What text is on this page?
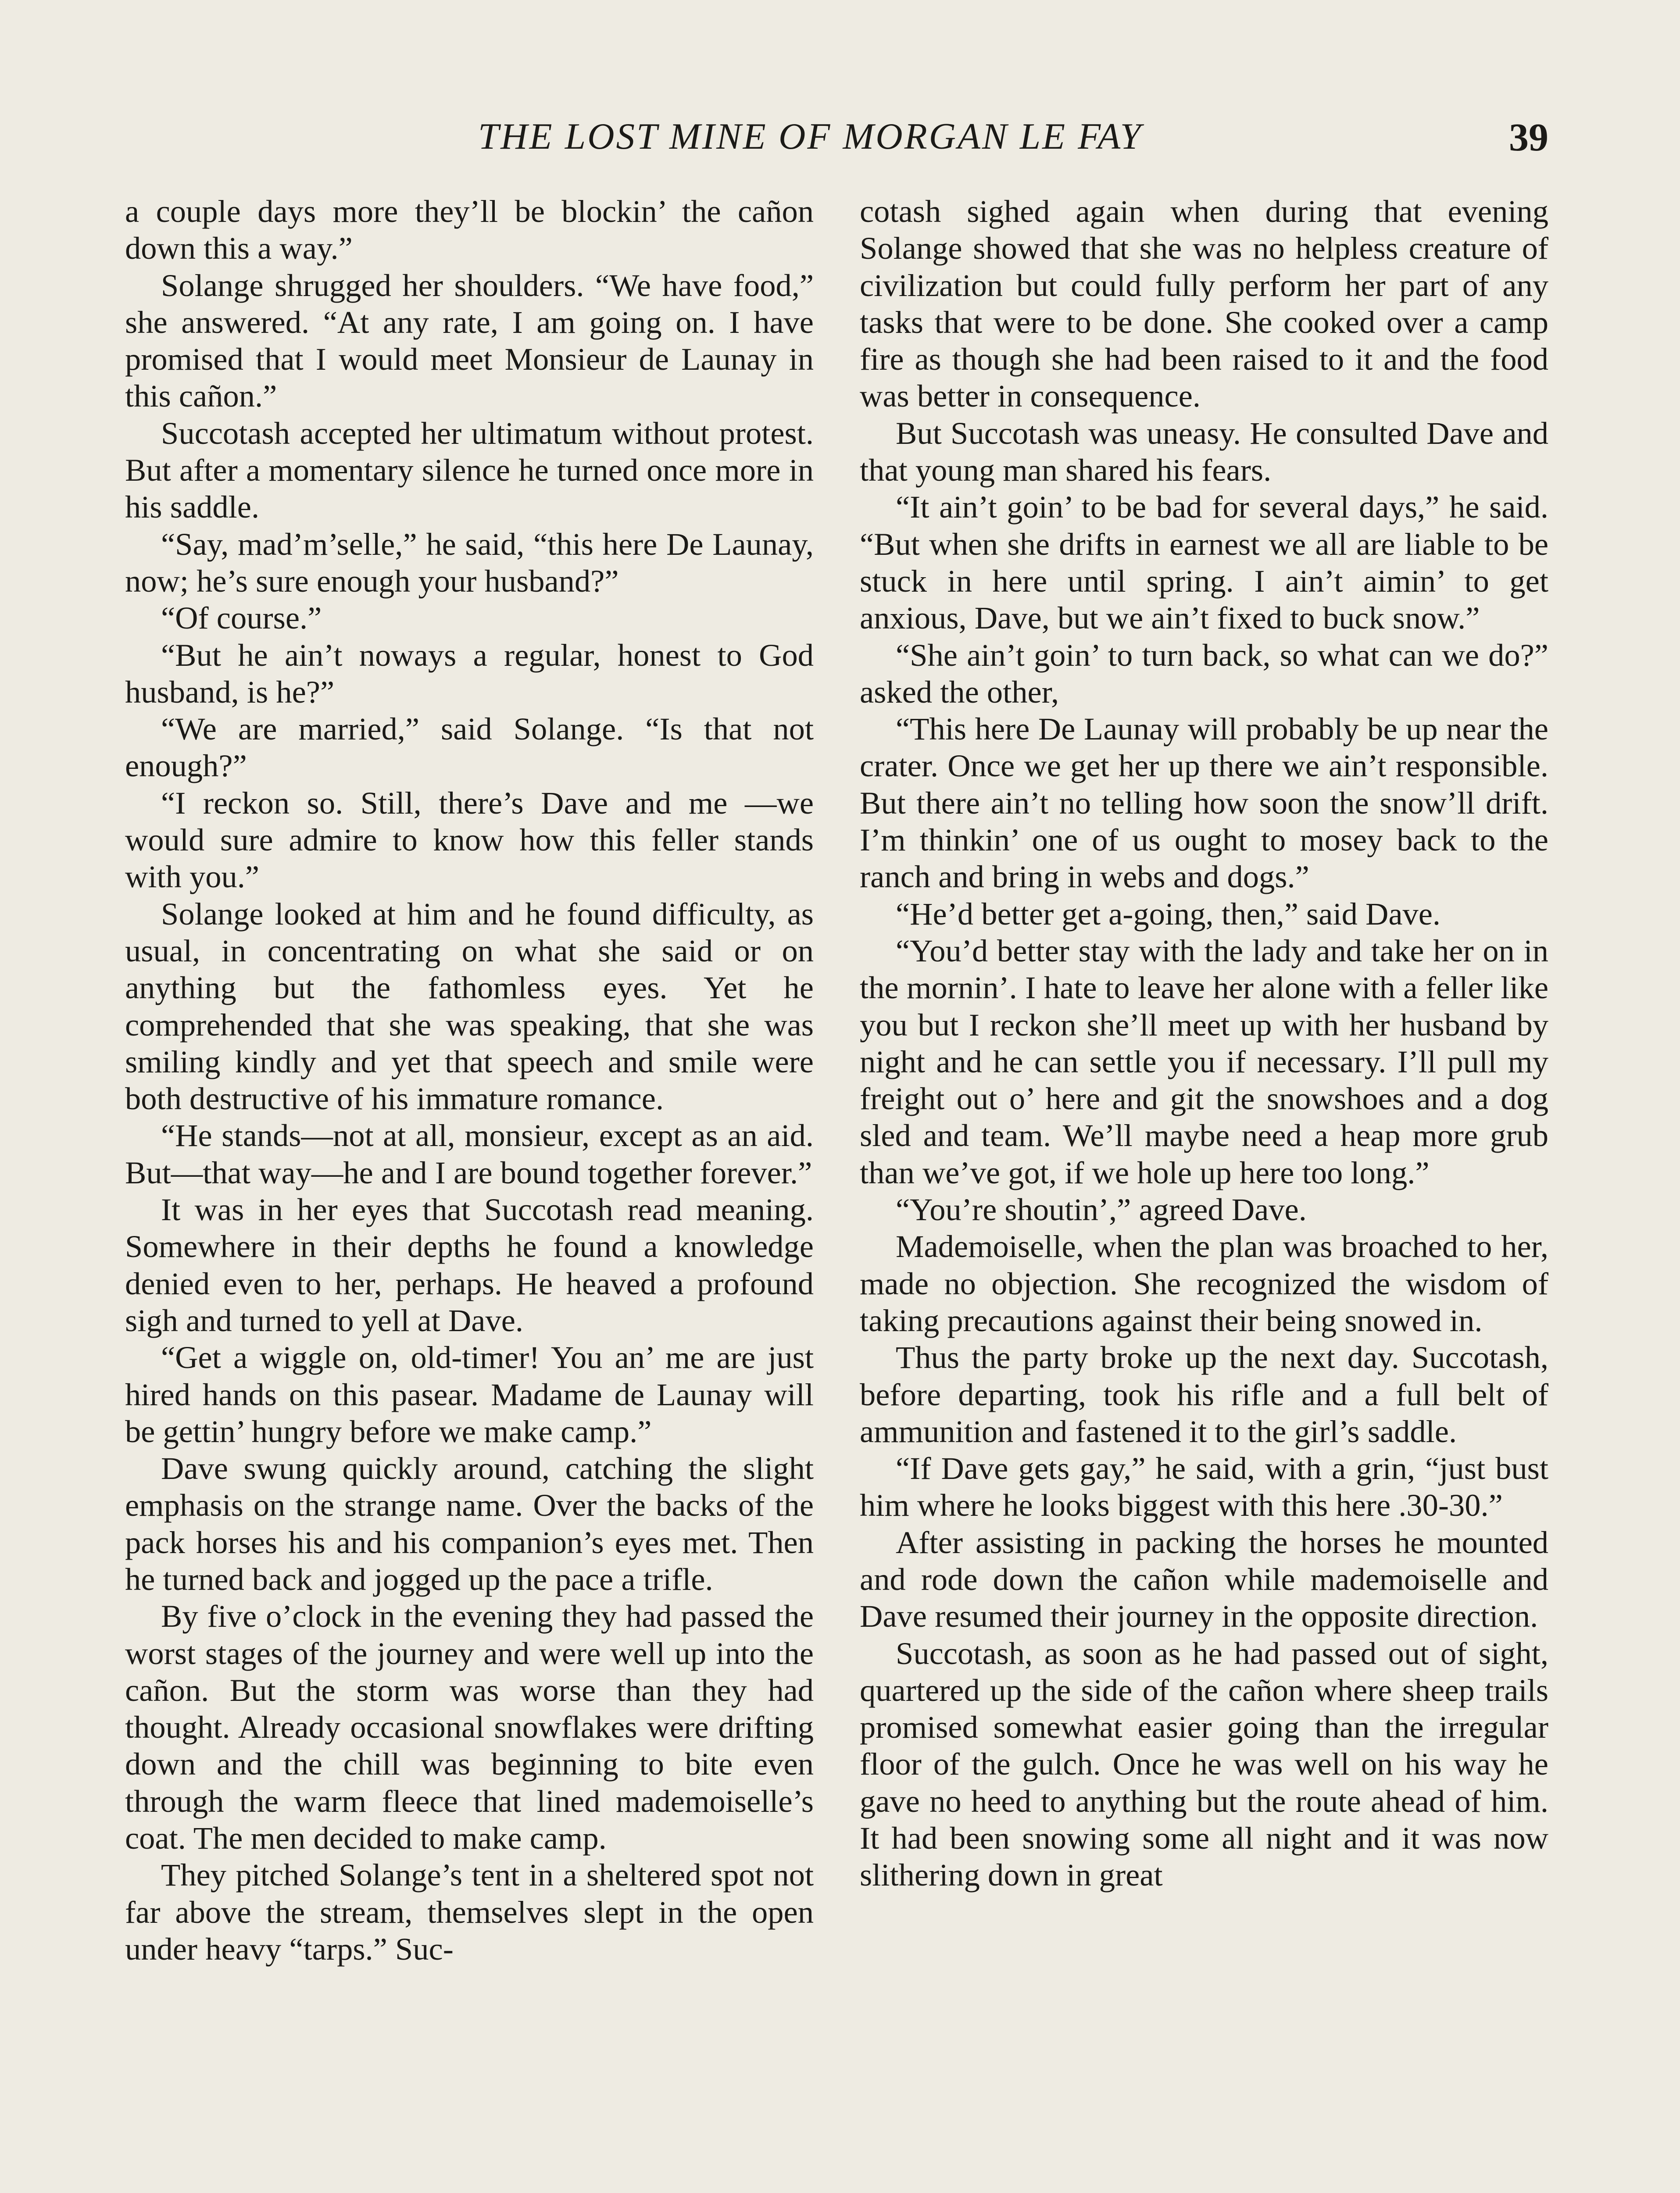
THE LOST MINE OF MORGAN LE FAY	39

a couple days more they’ll be blockin’ the cañon down this a way.”

Solange shrugged her shoulders. “We have food,” she answered. “At any rate, I am going on. I have promised that I would meet Monsieur de Launay in this cañon.”

Succotash accepted her ultimatum without protest. But after a momentary silence he turned once more in his saddle.

“Say, mad’m’selle,” he said, “this here De Launay, now; he’s sure enough your husband?”

“Of course.”

“But he ain’t noways a regular, honest to God husband, is he?”

“We are married,” said Solange. “Is that not enough?”

“I reckon so. Still, there’s Dave and me —we would sure admire to know how this feller stands with you.”

Solange looked at him and he found difficulty, as usual, in concentrating on what she said or on anything but the fathomless eyes. Yet he comprehended that she was speaking, that she was smiling kindly and yet that speech and smile were both destructive of his immature romance.

“He stands—not at all, monsieur, except as an aid. But—that way—he and I are bound together forever.”

It was in her eyes that Succotash read meaning. Somewhere in their depths he found a knowledge denied even to her, perhaps. He heaved a profound sigh and turned to yell at Dave.

“Get a wiggle on, old-timer! You an’ me are just hired hands on this pasear. Madame de Launay will be gettin’ hungry before we make camp.”

Dave swung quickly around, catching the slight emphasis on the strange name. Over the backs of the pack horses his and his companion’s eyes met. Then he turned back and jogged up the pace a trifle.

By five o’clock in the evening they had passed the worst stages of the journey and were well up into the cañon. But the storm was worse than they had thought. Already occasional snowflakes were drifting down and the chill was beginning to bite even through the warm fleece that lined mademoiselle’s coat. The men decided to make camp.

They pitched Solange’s tent in a sheltered spot not far above the stream, themselves slept in the open under heavy “tarps.” Suc-

cotash sighed again when during that evening Solange showed that she was no helpless creature of civilization but could fully perform her part of any tasks that were to be done. She cooked over a camp fire as though she had been raised to it and the food was better in consequence.

But Succotash was uneasy. He consulted Dave and that young man shared his fears.

“It ain’t goin’ to be bad for several days,” he said. “But when she drifts in earnest we all are liable to be stuck in here until spring. I ain’t aimin’ to get anxious, Dave, but we ain’t fixed to buck snow.”

“She ain’t goin’ to turn back, so what can we do?” asked the other,

“This here De Launay will probably be up near the crater. Once we get her up there we ain’t responsible. But there ain’t no telling how soon the snow’ll drift. I’m thinkin’ one of us ought to mosey back to the ranch and bring in webs and dogs.”

“He’d better get a-going, then,” said Dave.

“You’d better stay with the lady and take her on in the mornin’. I hate to leave her alone with a feller like you but I reckon she’ll meet up with her husband by night and he can settle you if necessary. I’ll pull my freight out o’ here and git the snowshoes and a dog sled and team. We’ll maybe need a heap more grub than we’ve got, if we hole up here too long.”

“You’re shoutin’,” agreed Dave.

Mademoiselle, when the plan was broached to her, made no objection. She recognized the wisdom of taking precautions against their being snowed in.

Thus the party broke up the next day. Succotash, before departing, took his rifle and a full belt of ammunition and fastened it to the girl’s saddle.

“If Dave gets gay,” he said, with a grin, “just bust him where he looks biggest with this here .30-30.”

After assisting in packing the horses he mounted and rode down the cañon while mademoiselle and Dave resumed their journey in the opposite direction.

Succotash, as soon as he had passed out of sight, quartered up the side of the cañon where sheep trails promised somewhat easier going than the irregular floor of the gulch. Once he was well on his way he gave no heed to anything but the route ahead of him. It had been snowing some all night and it was now slithering down in great
